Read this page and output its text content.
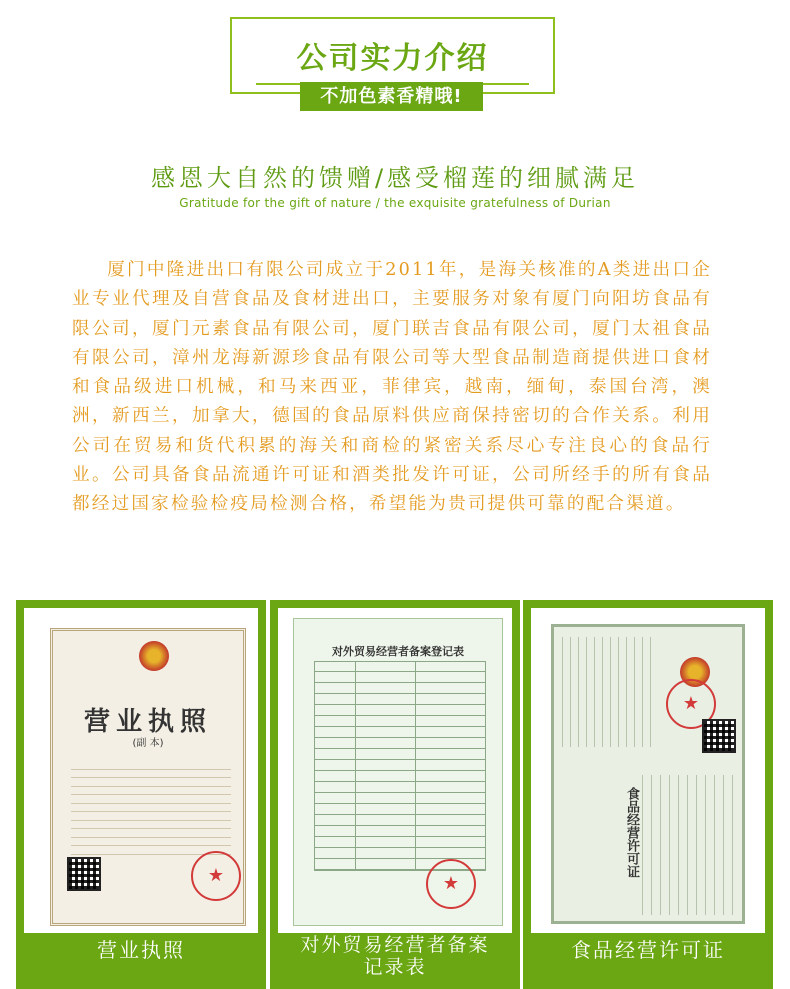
公司实力介绍
不加色素香精哦!
感恩大自然的馈赠/感受榴莲的细腻满足
Gratitude for the gift of nature / the exquisite gratefulness of Durian

厦门中隆进出口有限公司成立于2011年，是海关核准的A类进出口企业专业代理及自营食品及食材进出口，主要服务对象有厦门向阳坊食品有限公司，厦门元素食品有限公司，厦门联吉食品有限公司，厦门太祖食品有限公司，漳州龙海新源珍食品有限公司等大型食品制造商提供进口食材和食品级进口机械，和马来西亚，菲律宾，越南，缅甸，泰国台湾，澳洲，新西兰，加拿大，德国的食品原料供应商保持密切的合作关系。利用公司在贸易和货代积累的海关和商检的紧密关系尽心专注良心的食品行业。公司具备食品流通许可证和酒类批发许可证，公司所经手的所有食品都经过国家检验检疫局检测合格，希望能为贵司提供可靠的配合渠道。

营业执照
(副 本)
★
营业执照
对外贸易经营者备案登记表
★
对外贸易经营者备案记录表
★
食品经营许可证
食品经营许可证
